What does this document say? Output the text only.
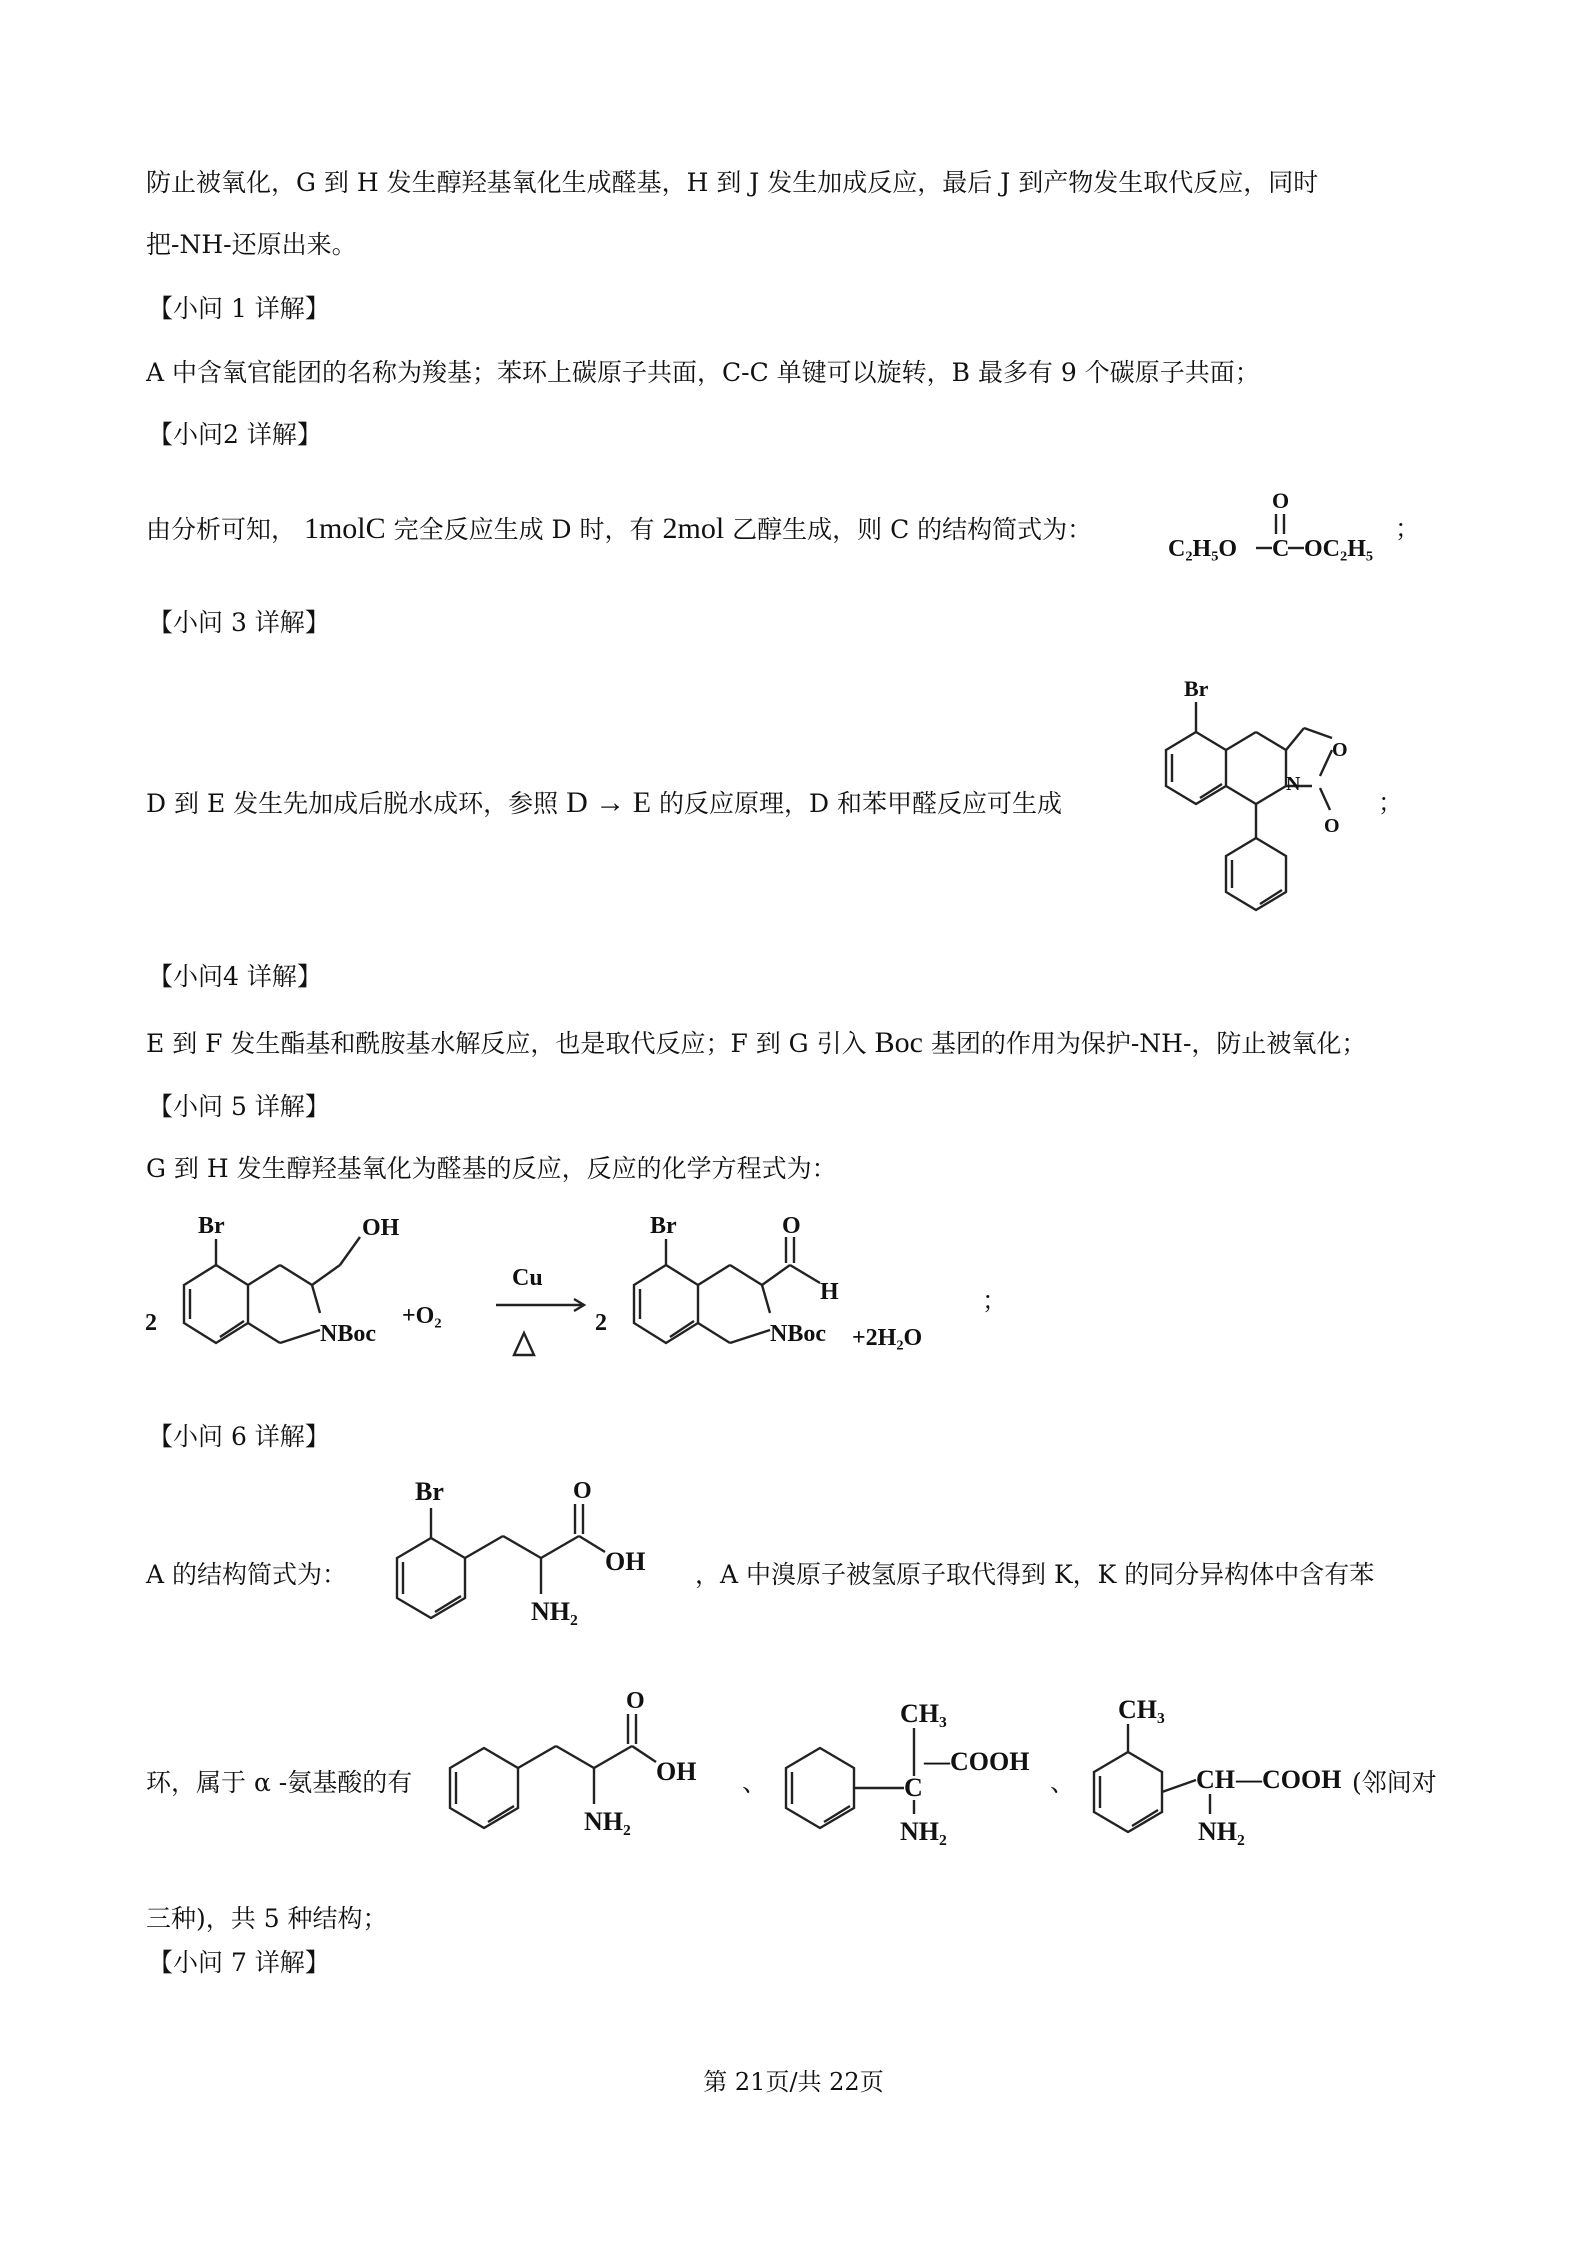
防止被氧化，G 到 H 发生醇羟基氧化生成醛基，H 到 J 发生加成反应，最后 J 到产物发生取代反应，同时
把-NH-还原出来。
【小问 1 详解】
A 中含氧官能团的名称为羧基；苯环上碳原子共面，C-C 单键可以旋转，B 最多有 9 个碳原子共面；
【小问2 详解】
由分析可知， 1molC 完全反应生成 D 时，有 2mol 乙醇生成，则 C 的结构简式为：
C₂H₅O C
O
OC₂H₅
；
【小问 3 详解】
D 到 E 发生先加成后脱水成环，参照 D → E 的反应原理，D 和苯甲醛反应可生成
Br
N
O
O
；
【小问4 详解】
E 到 F 发生酯基和酰胺基水解反应，也是取代反应；F 到 G 引入 Boc 基团的作用为保护-NH-，防止被氧化；
【小问 5 详解】
G 到 H 发生醇羟基氧化为醛基的反应，反应的化学方程式为：
2
Br	OH
NBoc
+O₂
Cu
2
Br	O
H
NBoc +2H₂O
；
【小问 6 详解】
A 的结构简式为：
Br	O
OH
NH₂
，A 中溴原子被氢原子取代得到 K，K 的同分异构体中含有苯
环，属于 α -氨基酸的有
O
OH
NH₂
、
CH₃
C
—COOH
NH₂
、
CH₃
CH —COOH
NH₂
(邻间对
三种)，共 5 种结构；
【小问 7 详解】
第 21页/共 22页
